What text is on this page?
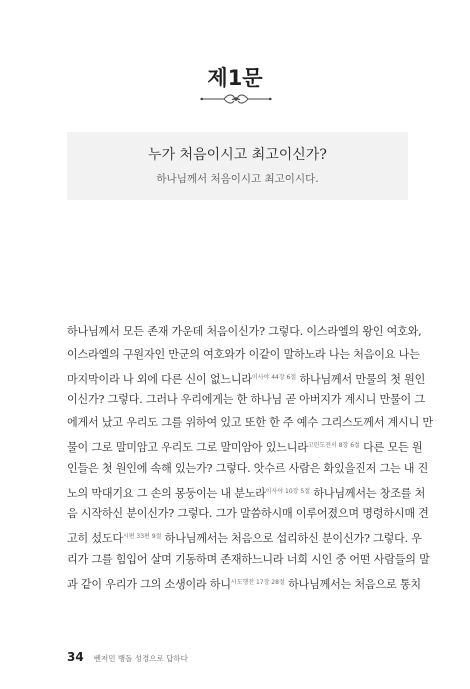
제1문
누가 처음이시고 최고이신가?
하나님께서 처음이시고 최고이시다.
하나님께서 모든 존재 가운데 처음이신가? 그렇다. 이스라엘의 왕인 여호와,
이스라엘의 구원자인 만군의 여호와가 이같이 말하노라 나는 처음이요 나는
마지막이라 나 외에 다른 신이 없느니라$^{이사야 44장 6절}$ 하나님께서 만물의 첫 원인
이신가? 그렇다. 그러나 우리에게는 한 하나님 곧 아버지가 계시니 만물이 그
에게서 났고 우리도 그를 위하여 있고 또한 한 주 예수 그리스도께서 계시니 만
물이 그로 말미암고 우리도 그로 말미암아 있느니라$^{고린도전서 8장 6절}$ 다른 모든 원
인들은 첫 원인에 속해 있는가? 그렇다. 앗수르 사람은 화있을진저 그는 내 진
노의 막대기요 그 손의 몽둥이는 내 분노라$^{이사야 10장 5절}$ 하나님께서는 창조를 처
음 시작하신 분이신가? 그렇다. 그가 말씀하시매 이루어졌으며 명령하시매 견
고히 섰도다$^{시편 33편 9절}$ 하나님께서는 처음으로 섭리하신 분이신가? 그렇다. 우
리가 그를 힘입어 살며 기동하며 존재하느니라 너희 시인 중 어떤 사람들의 말
과 같이 우리가 그의 소생이라 하니$^{사도행전 17장 28절}$ 하나님께서는 처음으로 통치
34 벤저민 뱅돌 성경으로 답하다
